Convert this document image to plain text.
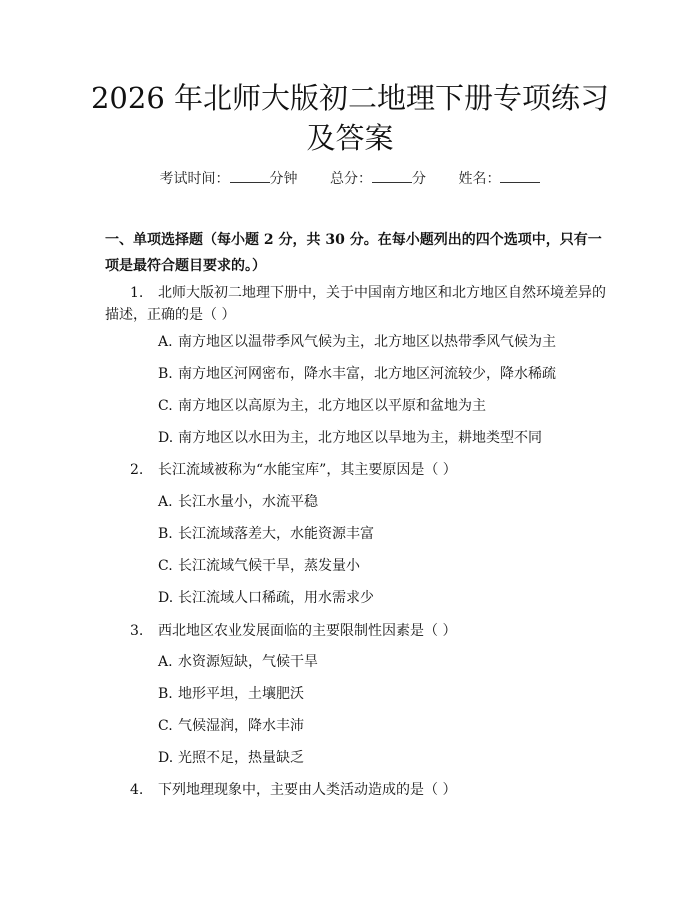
2026 年北师大版初二地理下册专项练习及答案
考试时间：	分钟 总分：	分 姓名：
一、单项选择题（每小题 2 分，共 30 分。在每小题列出的四个选项中，只有一项是最符合题目要求的。）
1. 北师大版初二地理下册中，关于中国南方地区和北方地区自然环境差异的
描述，正确的是（ ）
A. 南方地区以温带季风气候为主，北方地区以热带季风气候为主
B. 南方地区河网密布，降水丰富，北方地区河流较少，降水稀疏
C. 南方地区以高原为主，北方地区以平原和盆地为主
D. 南方地区以水田为主，北方地区以旱地为主，耕地类型不同
2. 长江流域被称为“水能宝库”，其主要原因是（ ）
A. 长江水量小，水流平稳
B. 长江流域落差大，水能资源丰富
C. 长江流域气候干旱，蒸发量小
D. 长江流域人口稀疏，用水需求少
3. 西北地区农业发展面临的主要限制性因素是（ ）
A. 水资源短缺，气候干旱
B. 地形平坦，土壤肥沃
C. 气候湿润，降水丰沛
D. 光照不足，热量缺乏
4. 下列地理现象中，主要由人类活动造成的是（ ）
